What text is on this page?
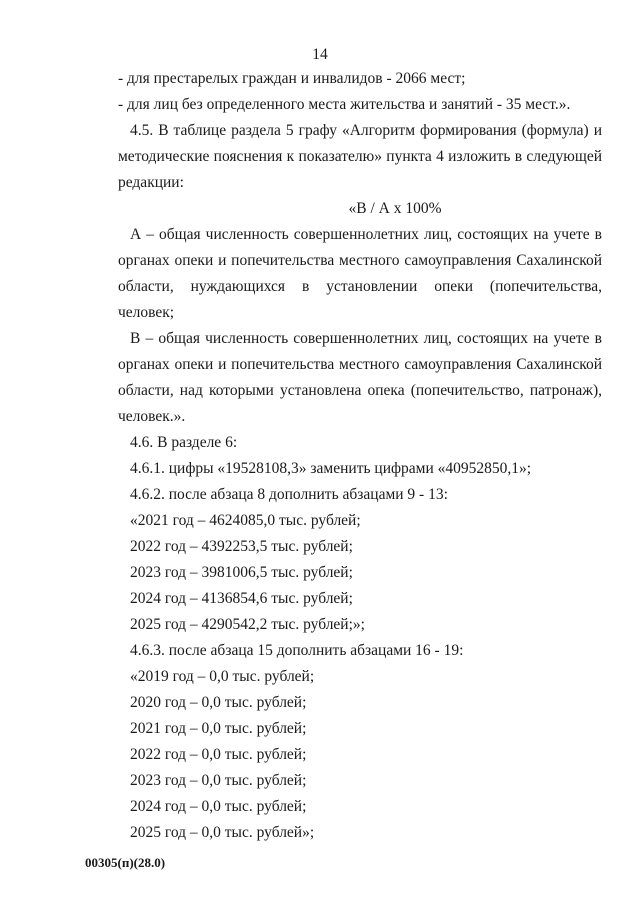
14
- для престарелых граждан и инвалидов - 2066 мест;
- для лиц без определенного места жительства и занятий - 35 мест.».
4.5. В таблице раздела 5 графу «Алгоритм формирования (формула) и
методические пояснения к показателю» пункта 4 изложить в следующей
редакции:
«В / А х 100%
А – общая численность совершеннолетних лиц, состоящих на учете в
органах опеки и попечительства местного самоуправления Сахалинской
области, нуждающихся в установлении опеки (попечительства,
человек;
В – общая численность совершеннолетних лиц, состоящих на учете в
органах опеки и попечительства местного самоуправления Сахалинской
области, над которыми установлена опека (попечительство, патронаж),
человек.».
4.6. В разделе 6:
4.6.1. цифры «19528108,3» заменить цифрами «40952850,1»;
4.6.2. после абзаца 8 дополнить абзацами 9 - 13:
«2021 год – 4624085,0 тыс. рублей;
2022 год – 4392253,5 тыс. рублей;
2023 год – 3981006,5 тыс. рублей;
2024 год – 4136854,6 тыс. рублей;
2025 год – 4290542,2 тыс. рублей;»;
4.6.3. после абзаца 15 дополнить абзацами 16 - 19:
«2019 год – 0,0 тыс. рублей;
2020 год – 0,0 тыс. рублей;
2021 год – 0,0 тыс. рублей;
2022 год – 0,0 тыс. рублей;
2023 год – 0,0 тыс. рублей;
2024 год – 0,0 тыс. рублей;
2025 год – 0,0 тыс. рублей»;
00305(п)(28.0)
